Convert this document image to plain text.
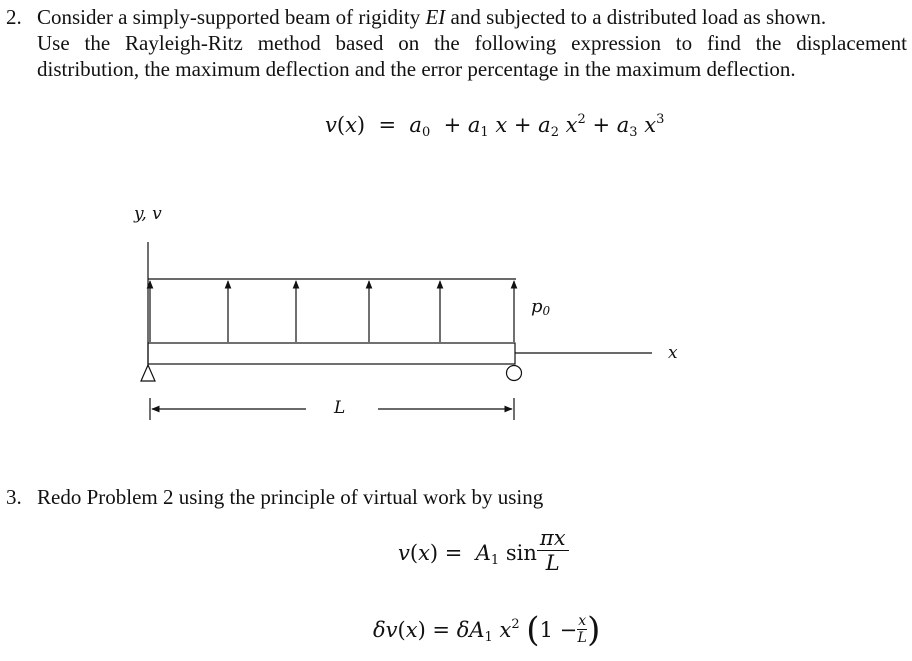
2. Consider a simply-supported beam of rigidity EI and subjected to a distributed load as shown.
Use the Rayleigh-Ritz method based on the following expression to find the displacement
distribution, the maximum deflection and the error percentage in the maximum deflection.
$v(x) = a_0 + a_1$ $x + a_2$ $x^2 + a_3$ $x^3$
y, v
x
$p_0$
L
3. Redo Problem 2 using the principle of virtual work by using
$v(x) = A_1$ $\sin \frac{\pi x}{L}$
$\delta v(x) = \delta A_1$ $x^2$ ($1 - \frac{x}{L}$ )
